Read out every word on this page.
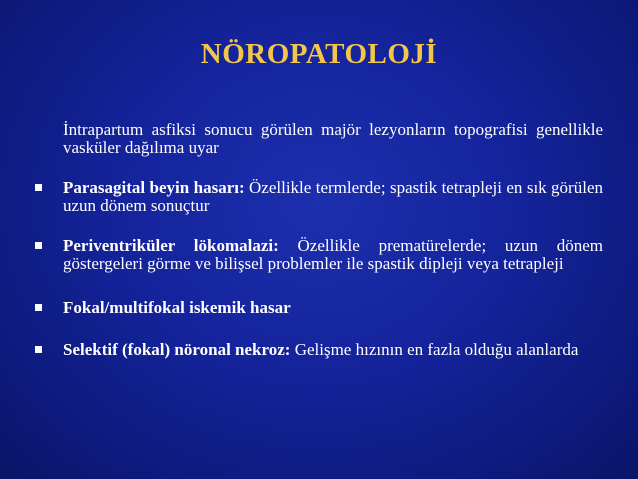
NÖROPATOLOJİ
İntrapartum asfiksi sonucu görülen majör lezyonların topografisi genellikle vasküler dağılıma uyar
Parasagital beyin hasarı: Özellikle termlerde; spastik tetrapleji en sık görülen uzun dönem sonuçtur
Periventriküler lökomalazi: Özellikle prematürelerde; uzun dönem göstergeleri görme ve bilişsel problemler ile spastik dipleji veya tetrapleji
Fokal/multifokal iskemik hasar
Selektif (fokal) nöronal nekroz: Gelişme hızının en fazla olduğu alanlarda
